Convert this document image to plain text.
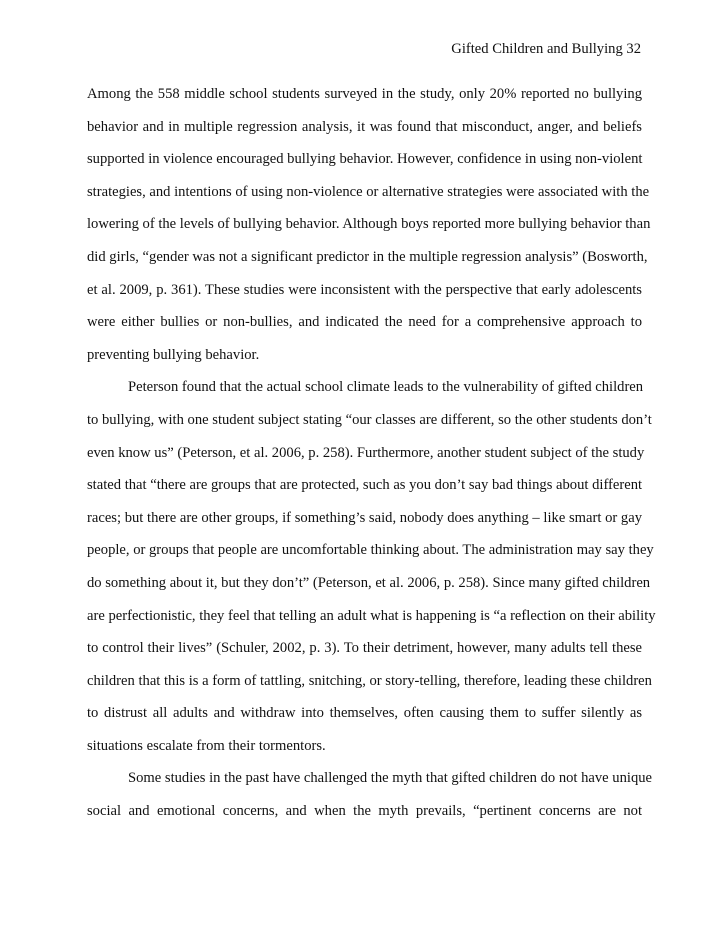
Gifted Children and Bullying 32
Among the 558 middle school students surveyed in the study, only 20% reported no bullying
behavior and in multiple regression analysis, it was found that misconduct, anger, and beliefs
supported in violence encouraged bullying behavior. However, confidence in using non-violent
strategies, and intentions of using non-violence or alternative strategies were associated with the
lowering of the levels of bullying behavior. Although boys reported more bullying behavior than
did girls, “gender was not a significant predictor in the multiple regression analysis” (Bosworth,
et al. 2009, p. 361). These studies were inconsistent with the perspective that early adolescents
were either bullies or non-bullies, and indicated the need for a comprehensive approach to
preventing bullying behavior.
Peterson found that the actual school climate leads to the vulnerability of gifted children
to bullying, with one student subject stating “our classes are different, so the other students don’t
even know us” (Peterson, et al. 2006, p. 258). Furthermore, another student subject of the study
stated that “there are groups that are protected, such as you don’t say bad things about different
races; but there are other groups, if something’s said, nobody does anything – like smart or gay
people, or groups that people are uncomfortable thinking about. The administration may say they
do something about it, but they don’t” (Peterson, et al. 2006, p. 258). Since many gifted children
are perfectionistic, they feel that telling an adult what is happening is “a reflection on their ability
to control their lives” (Schuler, 2002, p. 3). To their detriment, however, many adults tell these
children that this is a form of tattling, snitching, or story-telling, therefore, leading these children
to distrust all adults and withdraw into themselves, often causing them to suffer silently as
situations escalate from their tormentors.
Some studies in the past have challenged the myth that gifted children do not have unique
social and emotional concerns, and when the myth prevails, “pertinent concerns are not
